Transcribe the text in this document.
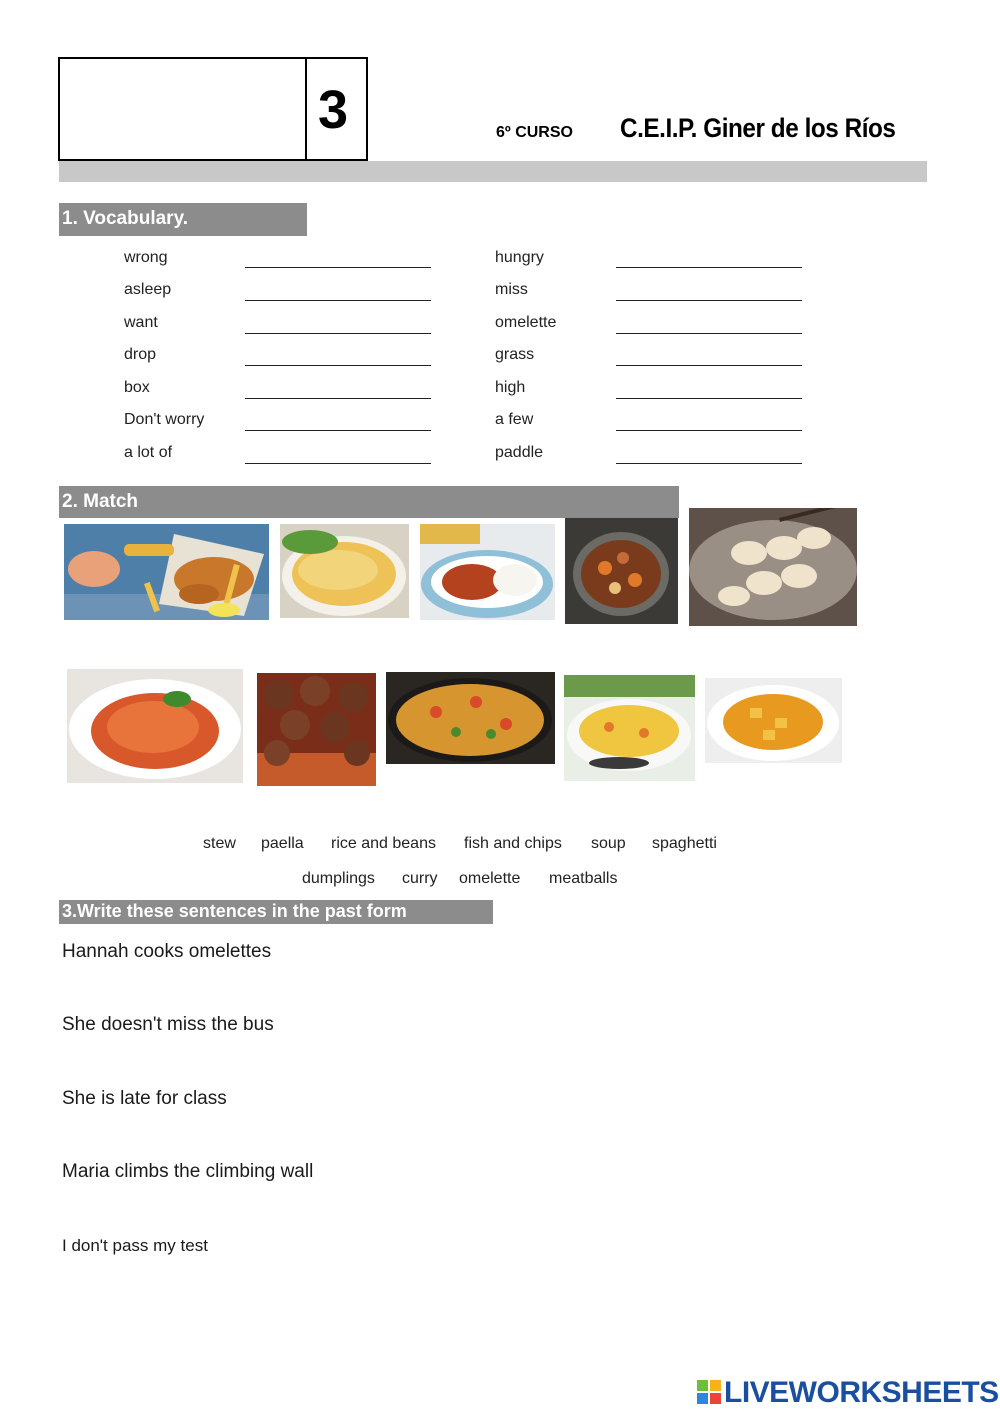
3	6º CURSO C.E.I.P. Giner de los Ríos
1. Vocabulary.
wrong
asleep
want
drop
box
Don't worry
a lot of
hungry
miss
omelette
grass
high
a few
paddle
2. Match
stew paella rice and beans fish and chips soup spaghetti
dumplings curry omelette meatballs
3.Write these sentences in the past form
Hannah cooks omelettes
She doesn't miss the bus
She is late for class
Maria climbs the climbing wall
I don't pass my test
LIVEWORKSHEETS
